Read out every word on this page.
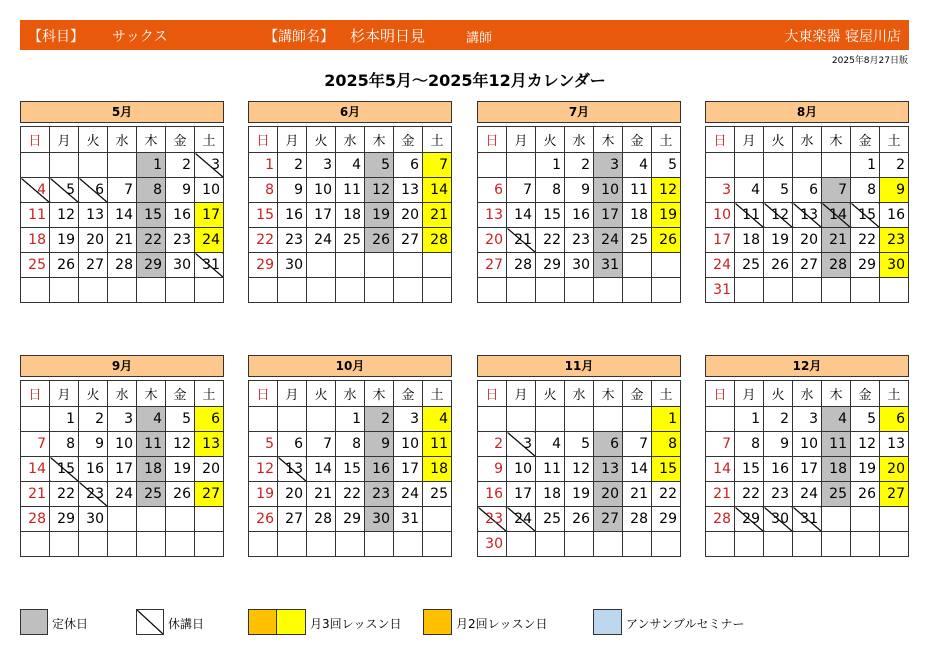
【科目】 サックス	【講師名】 杉本明日見	講師	大東楽器 寝屋川店
2025年8月27日版
2025年5月～2025年12月カレンダー
5月
日	月	火	水	木	金	土
				1	2	3
4	5	6	7	8	9	10
11	12	13	14	15	16	17
18	19	20	21	22	23	24
25	26	27	28	29	30	31

6月
日	月	火	水	木	金	土
1	2	3	4	5	6	7
8	9	10	11	12	13	14
15	16	17	18	19	20	21
22	23	24	25	26	27	28
29	30					

7月
日	月	火	水	木	金	土
		1	2	3	4	5
6	7	8	9	10	11	12
13	14	15	16	17	18	19
20	21	22	23	24	25	26
27	28	29	30	31		

8月
日	月	火	水	木	金	土
					1	2
3	4	5	6	7	8	9
10	11	12	13	14	15	16
17	18	19	20	21	22	23
24	25	26	27	28	29	30
31						
9月
日	月	火	水	木	金	土
	1	2	3	4	5	6
7	8	9	10	11	12	13
14	15	16	17	18	19	20
21	22	23	24	25	26	27
28	29	30				

10月
日	月	火	水	木	金	土
			1	2	3	4
5	6	7	8	9	10	11
12	13	14	15	16	17	18
19	20	21	22	23	24	25
26	27	28	29	30	31	

11月
日	月	火	水	木	金	土
						1
2	3	4	5	6	7	8
9	10	11	12	13	14	15
16	17	18	19	20	21	22
23	24	25	26	27	28	29
30						
12月
日	月	火	水	木	金	土
	1	2	3	4	5	6
7	8	9	10	11	12	13
14	15	16	17	18	19	20
21	22	23	24	25	26	27
28	29	30	31			

定休日	休講日	月3回レッスン日	月2回レッスン日	アンサンブルセミナー
